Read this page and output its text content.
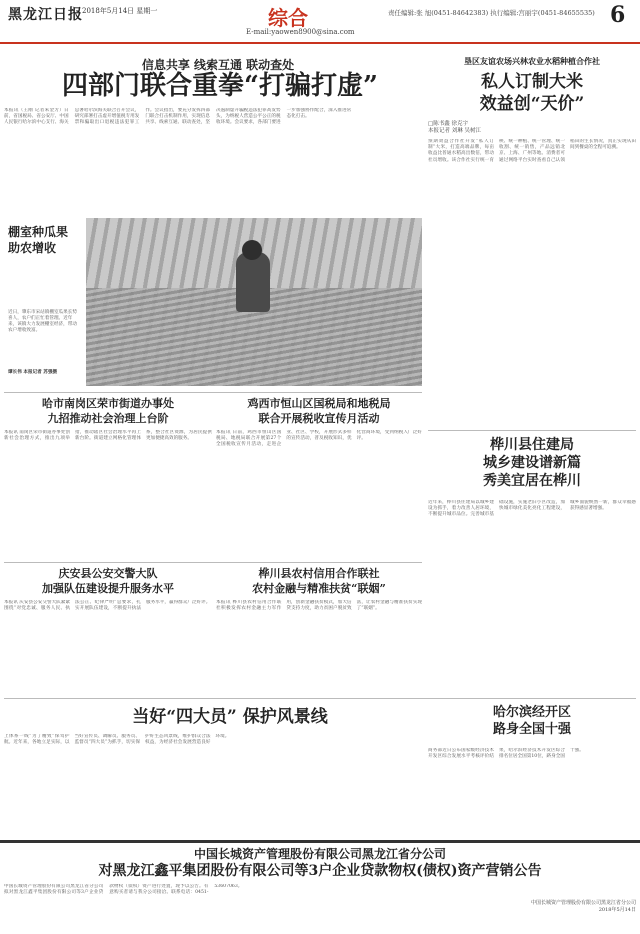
黑龙江日报 2018年5月14日 星期一	综合
E-mail:yaowen8900@sina.com
责任编辑:张 旭(0451-84642383) 执行编辑:宫丽宇(0451-84655535) 6
信息共享 线索互通 联动查处
四部门联合重拳“打骗打虚”
本报讯（王刚 记者朱金芳）日前，省国税局、省公安厅、中国人民银行哈尔滨中心支行、海关总署哈尔滨海关联合召开会议，研究部署打击虚开增值税专用发票和骗取出口退税违法犯罪工作。会议指出，要充分发挥四部门联合打击机制作用，实现信息共享、线索互通、联动查处，坚决遏制虚开骗税违法犯罪高发势头，为纳税人营造公平公正的税收环境。会议要求，各部门要进一步加强协作配合，深入推进常态化打击。
棚室种瓜果
助农增收
近日，肇东市宋站镇棚室瓜果长势喜人，农户们正忙着管理。近年来，该镇大力发展棚室经济，带动农户增收致富。
谭长伟 本报记者 苏强摄
垦区友谊农场兴林农业水稻种植合作社
私人订制大米
效益创“天价”
□陈书鑫 徐克宇
本报记者 刘琳 吴树江
预期效益合作社开发“私人订制”大米，打造高端品牌，每亩收益比普通水稻高出数倍，带动社员增收。该合作社实行统一育秧、统一种植、统一管理、统一收割、统一销售，产品远销北京、上海、广州等地。消费者可通过网络平台实时查看自己认领稻田的生长情况，真正实现从田间到餐桌的全程可追溯。
桦川县住建局
城乡建设谱新篇
秀美宜居在桦川
近年来，桦川县住建局以城乡建设为抓手，着力改善人居环境，不断提升城市品位。完善城市基础设施，实施老旧小区改造，加快城市绿化美化亮化工程建设，城乡面貌焕然一新，群众幸福感获得感显著增强。
哈市南岗区荣市街道办事处
九招推动社会治理上台阶
本报讯 南岗区荣市街道办事处创新社会治理方式，推出九项举措，推动辖区社会治理水平再上新台阶。街道建立网格化管理体系，整合社区资源，为居民提供更加便捷高效的服务。
鸡西市恒山区国税局和地税局
联合开展税收宣传月活动
本报讯 日前，鸡西市恒山区国税局、地税局联合开展第27个全国税收宣传月活动，走进企业、社区、学校，开展形式多样的宣传活动，普及税收知识，优化营商环境，受到纳税人广泛好评。
庆安县公安交警大队
加强队伍建设提升服务水平
本报讯 庆安县公安交警大队紧紧围绕“对党忠诚、服务人民、执法公正、纪律严明”总要求，扎实开展队伍建设，不断提升执法服务水平，赢得群众广泛好评。
桦川县农村信用合作联社
农村金融与精准扶贫“联姻”
本报讯 桦川县农村信用合作联社积极发挥农村金融主力军作用，创新金融扶贫模式，加大信贷支持力度，助力贫困户脱贫致富，让农村金融与精准扶贫实现了“联姻”。
当好“四大员” 保护风景线
上体系一线“为了精致”保驾护航。近年来，各地立足实际，以当好宣传员、调解员、服务员、监督员“四大员”为抓手，切实保护好生态风景线，维护群众合法权益，为经济社会发展营造良好环境。
哈尔滨经开区
路身全国十强
商务部近日公布国家级经济技术开发区综合发展水平考核评价结果，哈尔滨经济技术开发区综合排名位居全国第10位，跻身全国十强。
中国长城资产管理股份有限公司黑龙江省分公司
对黑龙江鑫平集团股份有限公司等3户企业贷款物权(债权)资产营销公告
中国长城资产管理股份有限公司黑龙江省分公司拟对黑龙江鑫平集团股份有限公司等3户企业贷款物权（债权）资产进行处置，现予以公告。有意购买者请与我分公司接洽。联系电话：0451-53607063。
中国长城资产管理股份有限公司黑龙江省分公司
2018年5月14日
